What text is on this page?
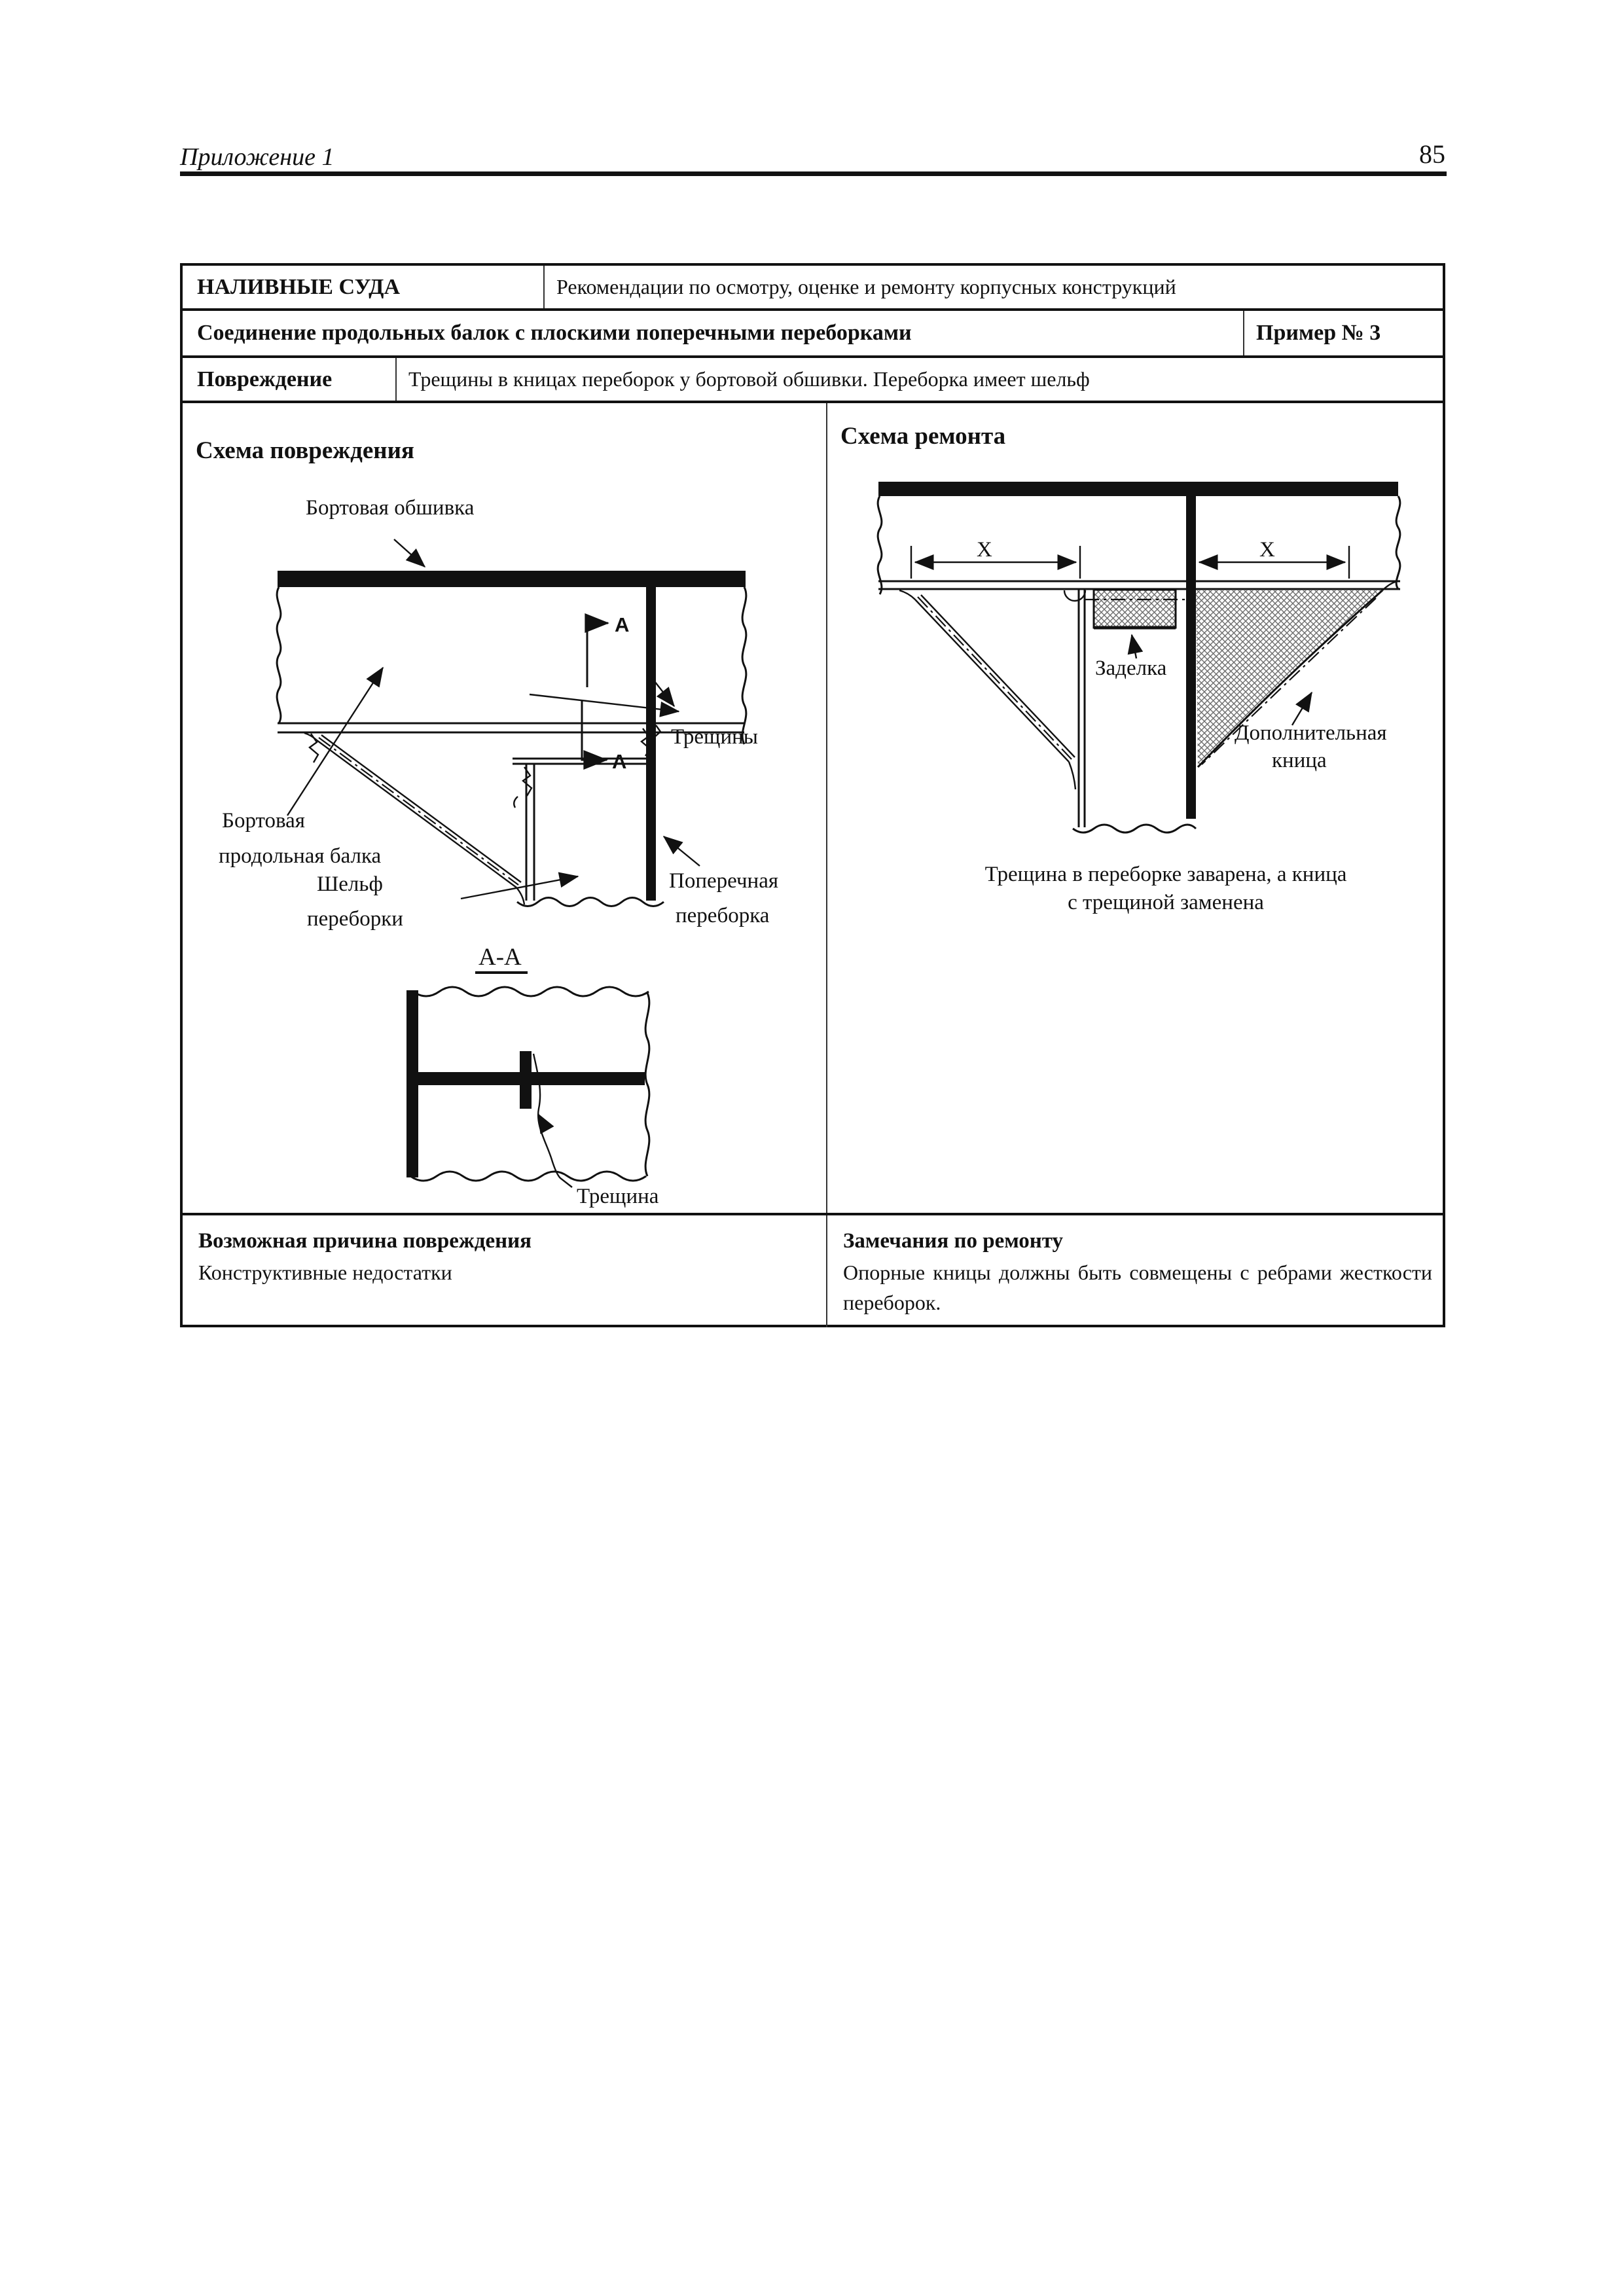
Приложение 1	85
НАЛИВНЫЕ СУДА	Рекомендации по осмотру, оценке и ремонту корпусных конструкций
Соединение продольных балок с плоскими поперечными переборками	Пример № 3
Повреждение	Трещины в кницах переборок у бортовой обшивки. Переборка имеет шельф
Схема повреждения
Бортовая обшивка
A
A
Трещины
Бортовая
продольная балка
Шельф
переборки
Поперечная
переборка
А-А
Трещина
Схема ремонта
X	X
Заделка
Дополнительная
кница
Трещина в переборке заварена, а кница
с трещиной заменена
Возможная причина повреждения
Конструктивные недостатки
Замечания по ремонту
Опорные кницы должны быть совмещены с ребрами жесткости переборок.
